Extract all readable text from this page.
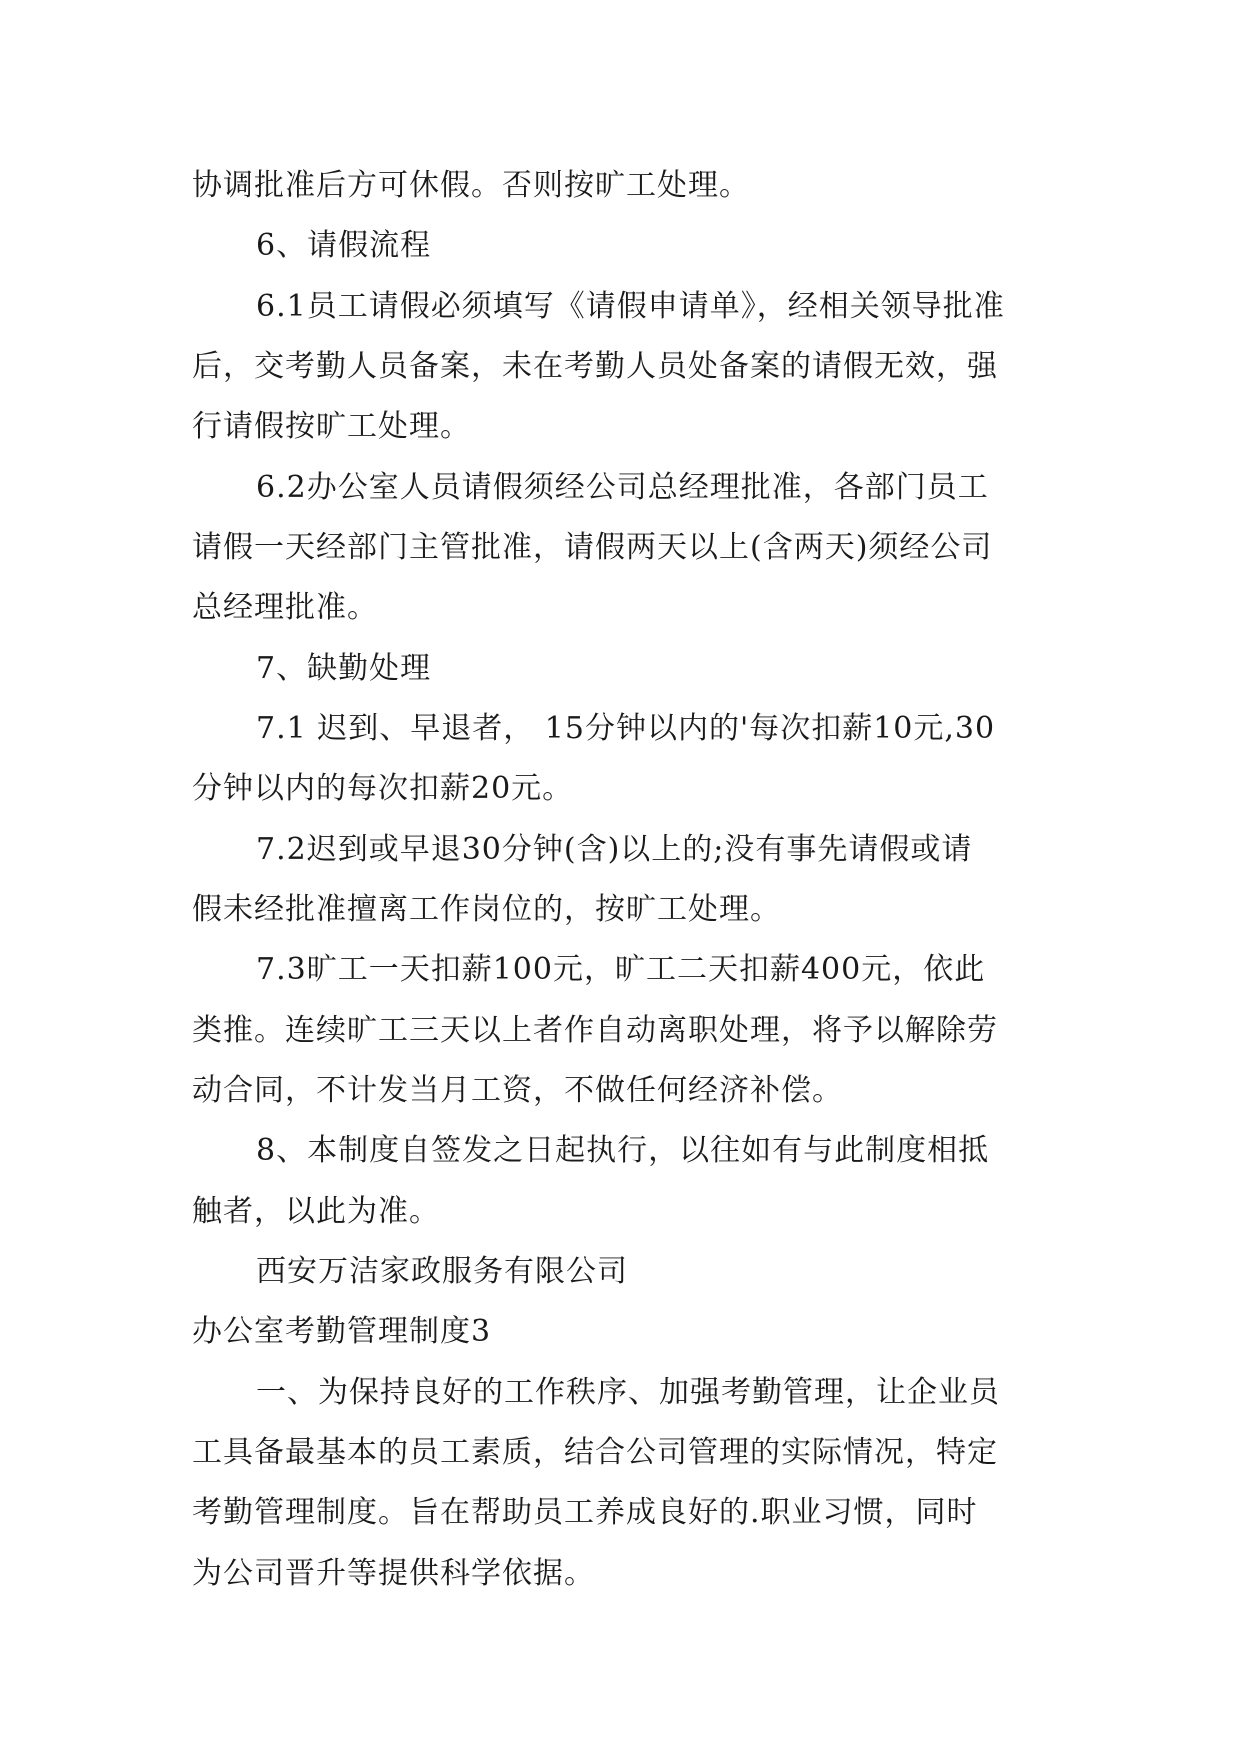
协调批准后方可休假。否则按旷工处理。
6、请假流程
6.1员工请假必须填写《请假申请单》，经相关领导批准
后，交考勤人员备案，未在考勤人员处备案的请假无效，强
行请假按旷工处理。
6.2办公室人员请假须经公司总经理批准，各部门员工
请假一天经部门主管批准，请假两天以上(含两天)须经公司
总经理批准。
7、缺勤处理
7.1 迟到、早退者， 15分钟以内的'每次扣薪10元,30
分钟以内的每次扣薪20元。
7.2迟到或早退30分钟(含)以上的;没有事先请假或请
假未经批准擅离工作岗位的，按旷工处理。
7.3旷工一天扣薪100元，旷工二天扣薪400元，依此
类推。连续旷工三天以上者作自动离职处理，将予以解除劳
动合同，不计发当月工资，不做任何经济补偿。
8、本制度自签发之日起执行，以往如有与此制度相抵
触者，以此为准。
西安万洁家政服务有限公司
办公室考勤管理制度3
一、为保持良好的工作秩序、加强考勤管理，让企业员
工具备最基本的员工素质，结合公司管理的实际情况，特定
考勤管理制度。旨在帮助员工养成良好的.职业习惯，同时
为公司晋升等提供科学依据。
